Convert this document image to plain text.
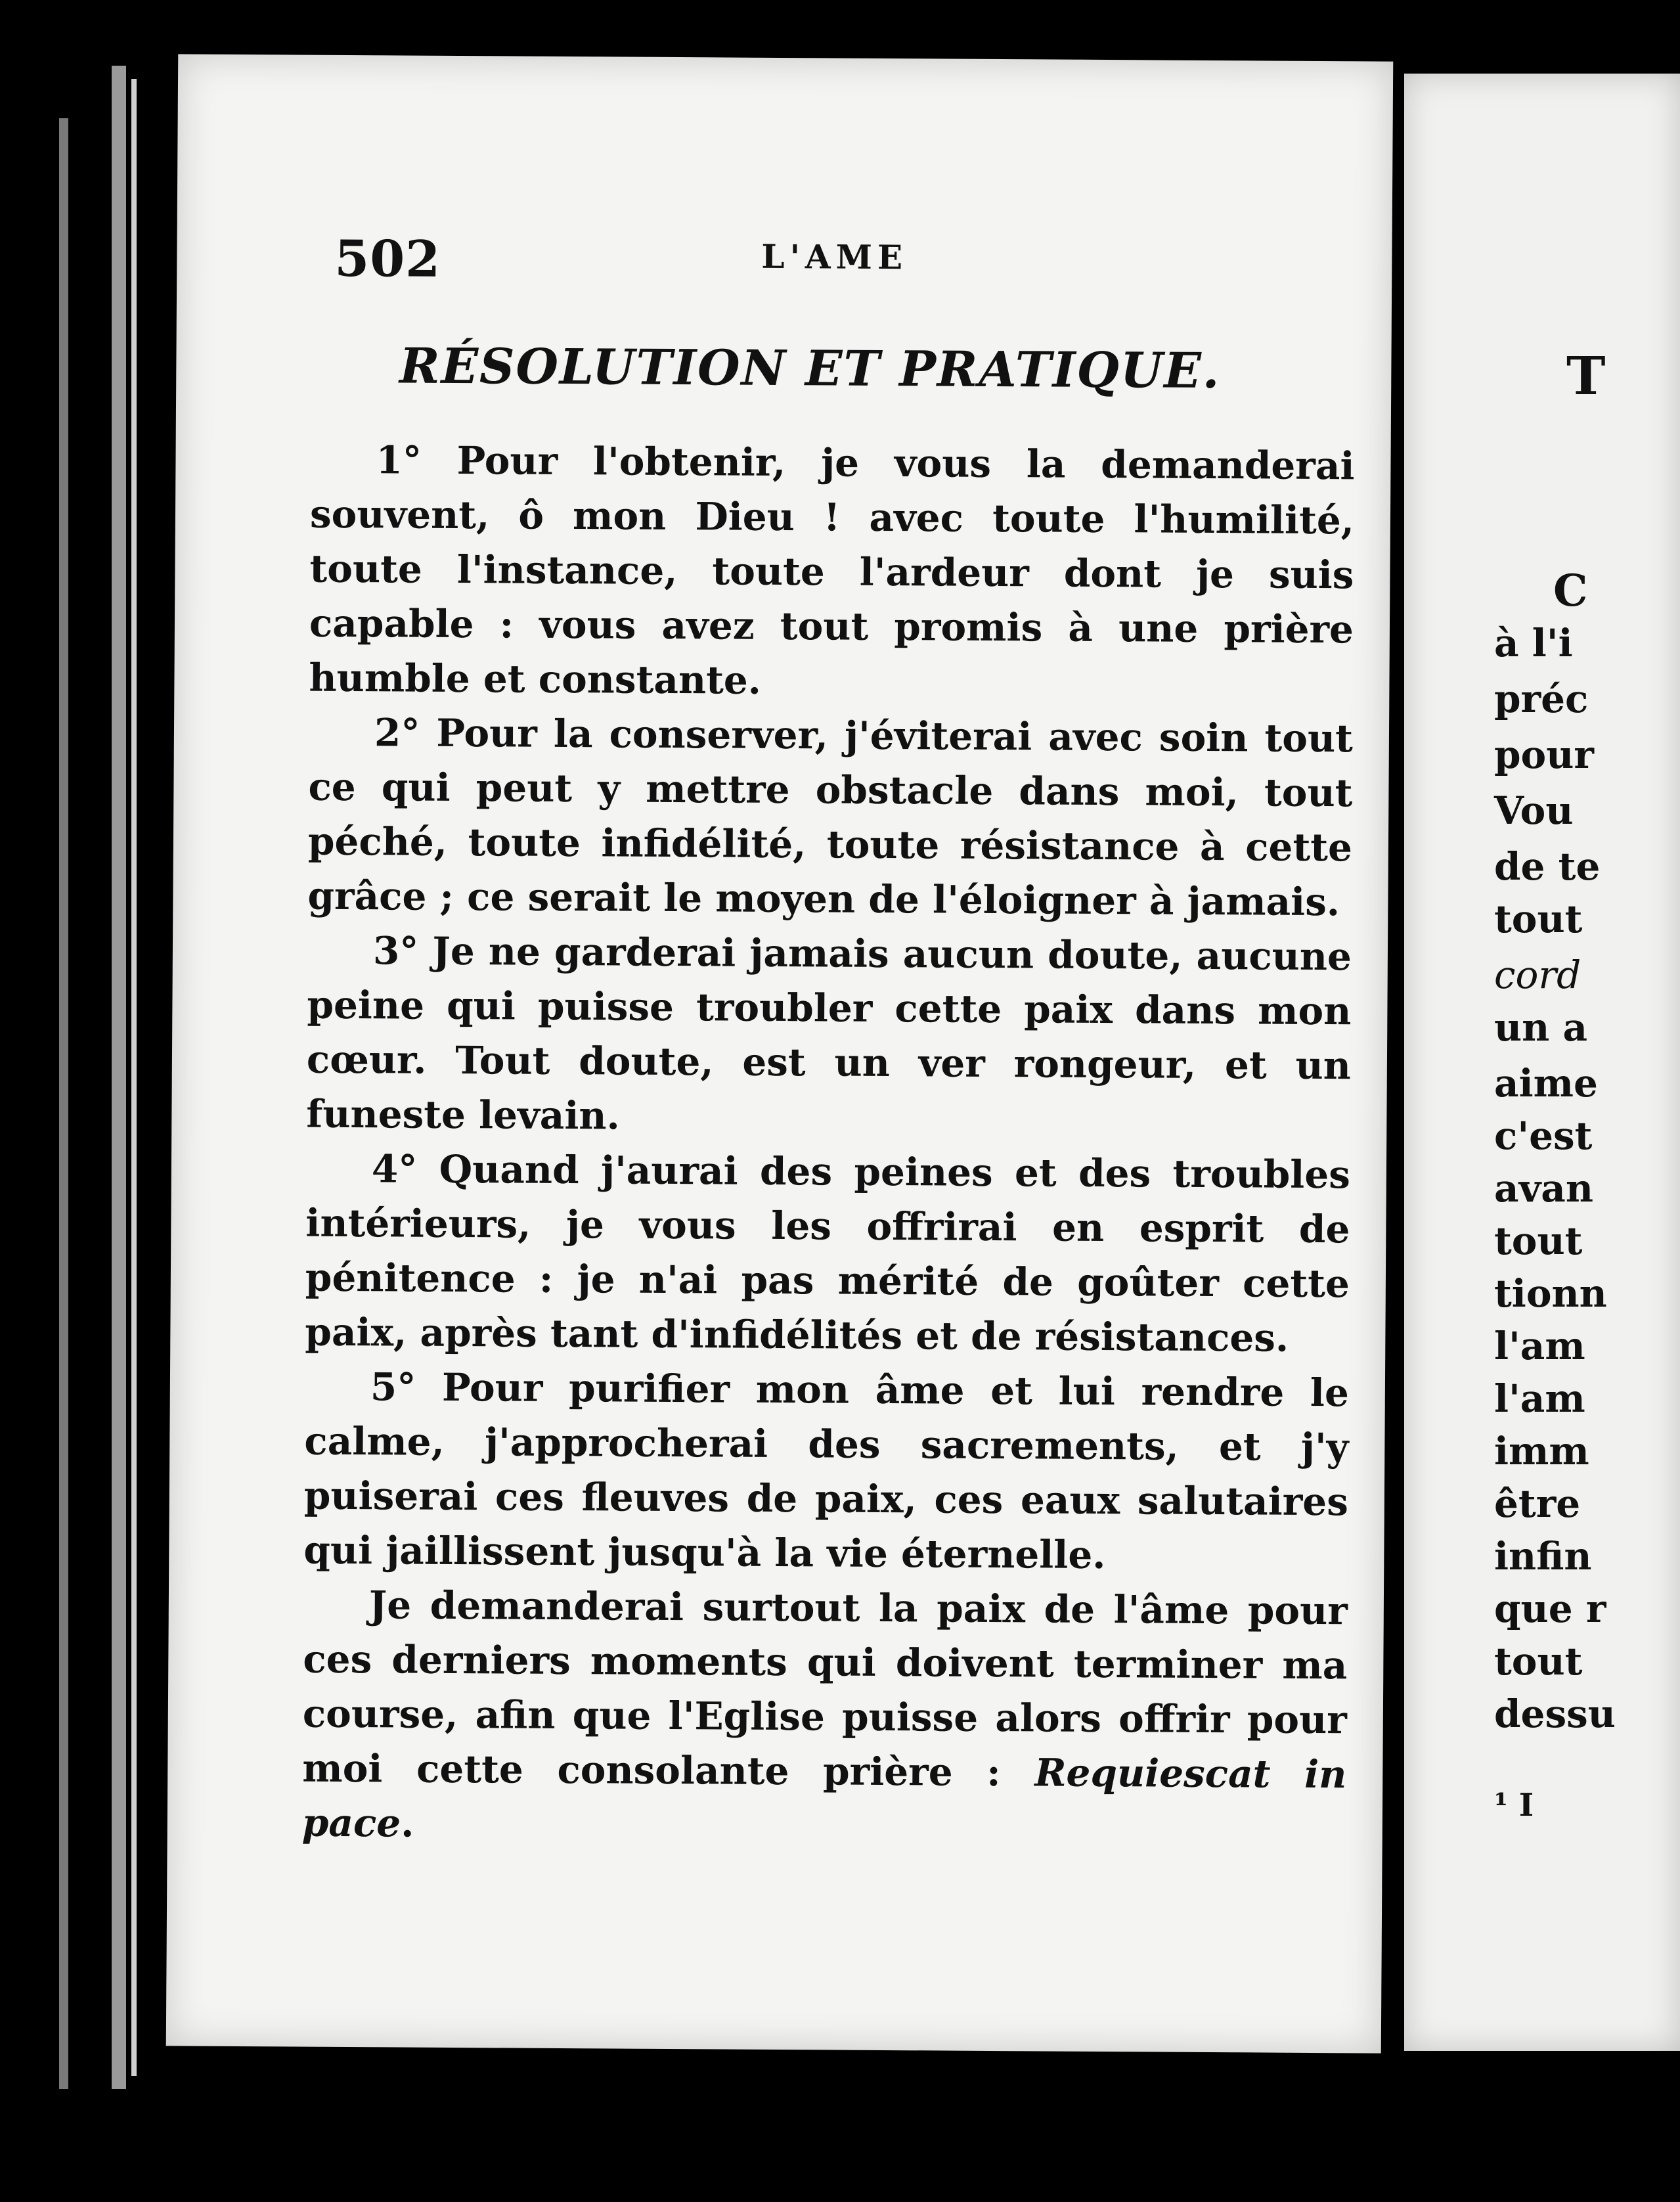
502	L'AME
RÉSOLUTION ET PRATIQUE.

1° Pour l'obtenir, je vous la demanderai souvent, ô mon Dieu ! avec toute l'humilité, toute l'instance, toute l'ardeur dont je suis capable : vous avez tout promis à une prière humble et constante.

2° Pour la conserver, j'éviterai avec soin tout ce qui peut y mettre obstacle dans moi, tout péché, toute infidélité, toute résistance à cette grâce ; ce serait le moyen de l'éloigner à jamais.

3° Je ne garderai jamais aucun doute, aucune peine qui puisse troubler cette paix dans mon cœur. Tout doute, est un ver rongeur, et un funeste levain.

4° Quand j'aurai des peines et des troubles intérieurs, je vous les offrirai en esprit de pénitence : je n'ai pas mérité de goûter cette paix, après tant d'infidélités et de résistances.

5° Pour purifier mon âme et lui rendre le calme, j'approcherai des sacrements, et j'y puiserai ces fleuves de paix, ces eaux salutaires qui jaillissent jusqu'à la vie éternelle.

Je demanderai surtout la paix de l'âme pour ces derniers moments qui doivent terminer ma course, afin que l'Eglise puisse alors offrir pour moi cette consolante prière : Requiescat in pace.

T
C
à l'i
préc
pour
Vou
de te
tout
cord
un a
aime
c'est
avan
tout
tionn
l'am
l'am
imm
être
infin
que r
tout
dessu
¹ I
